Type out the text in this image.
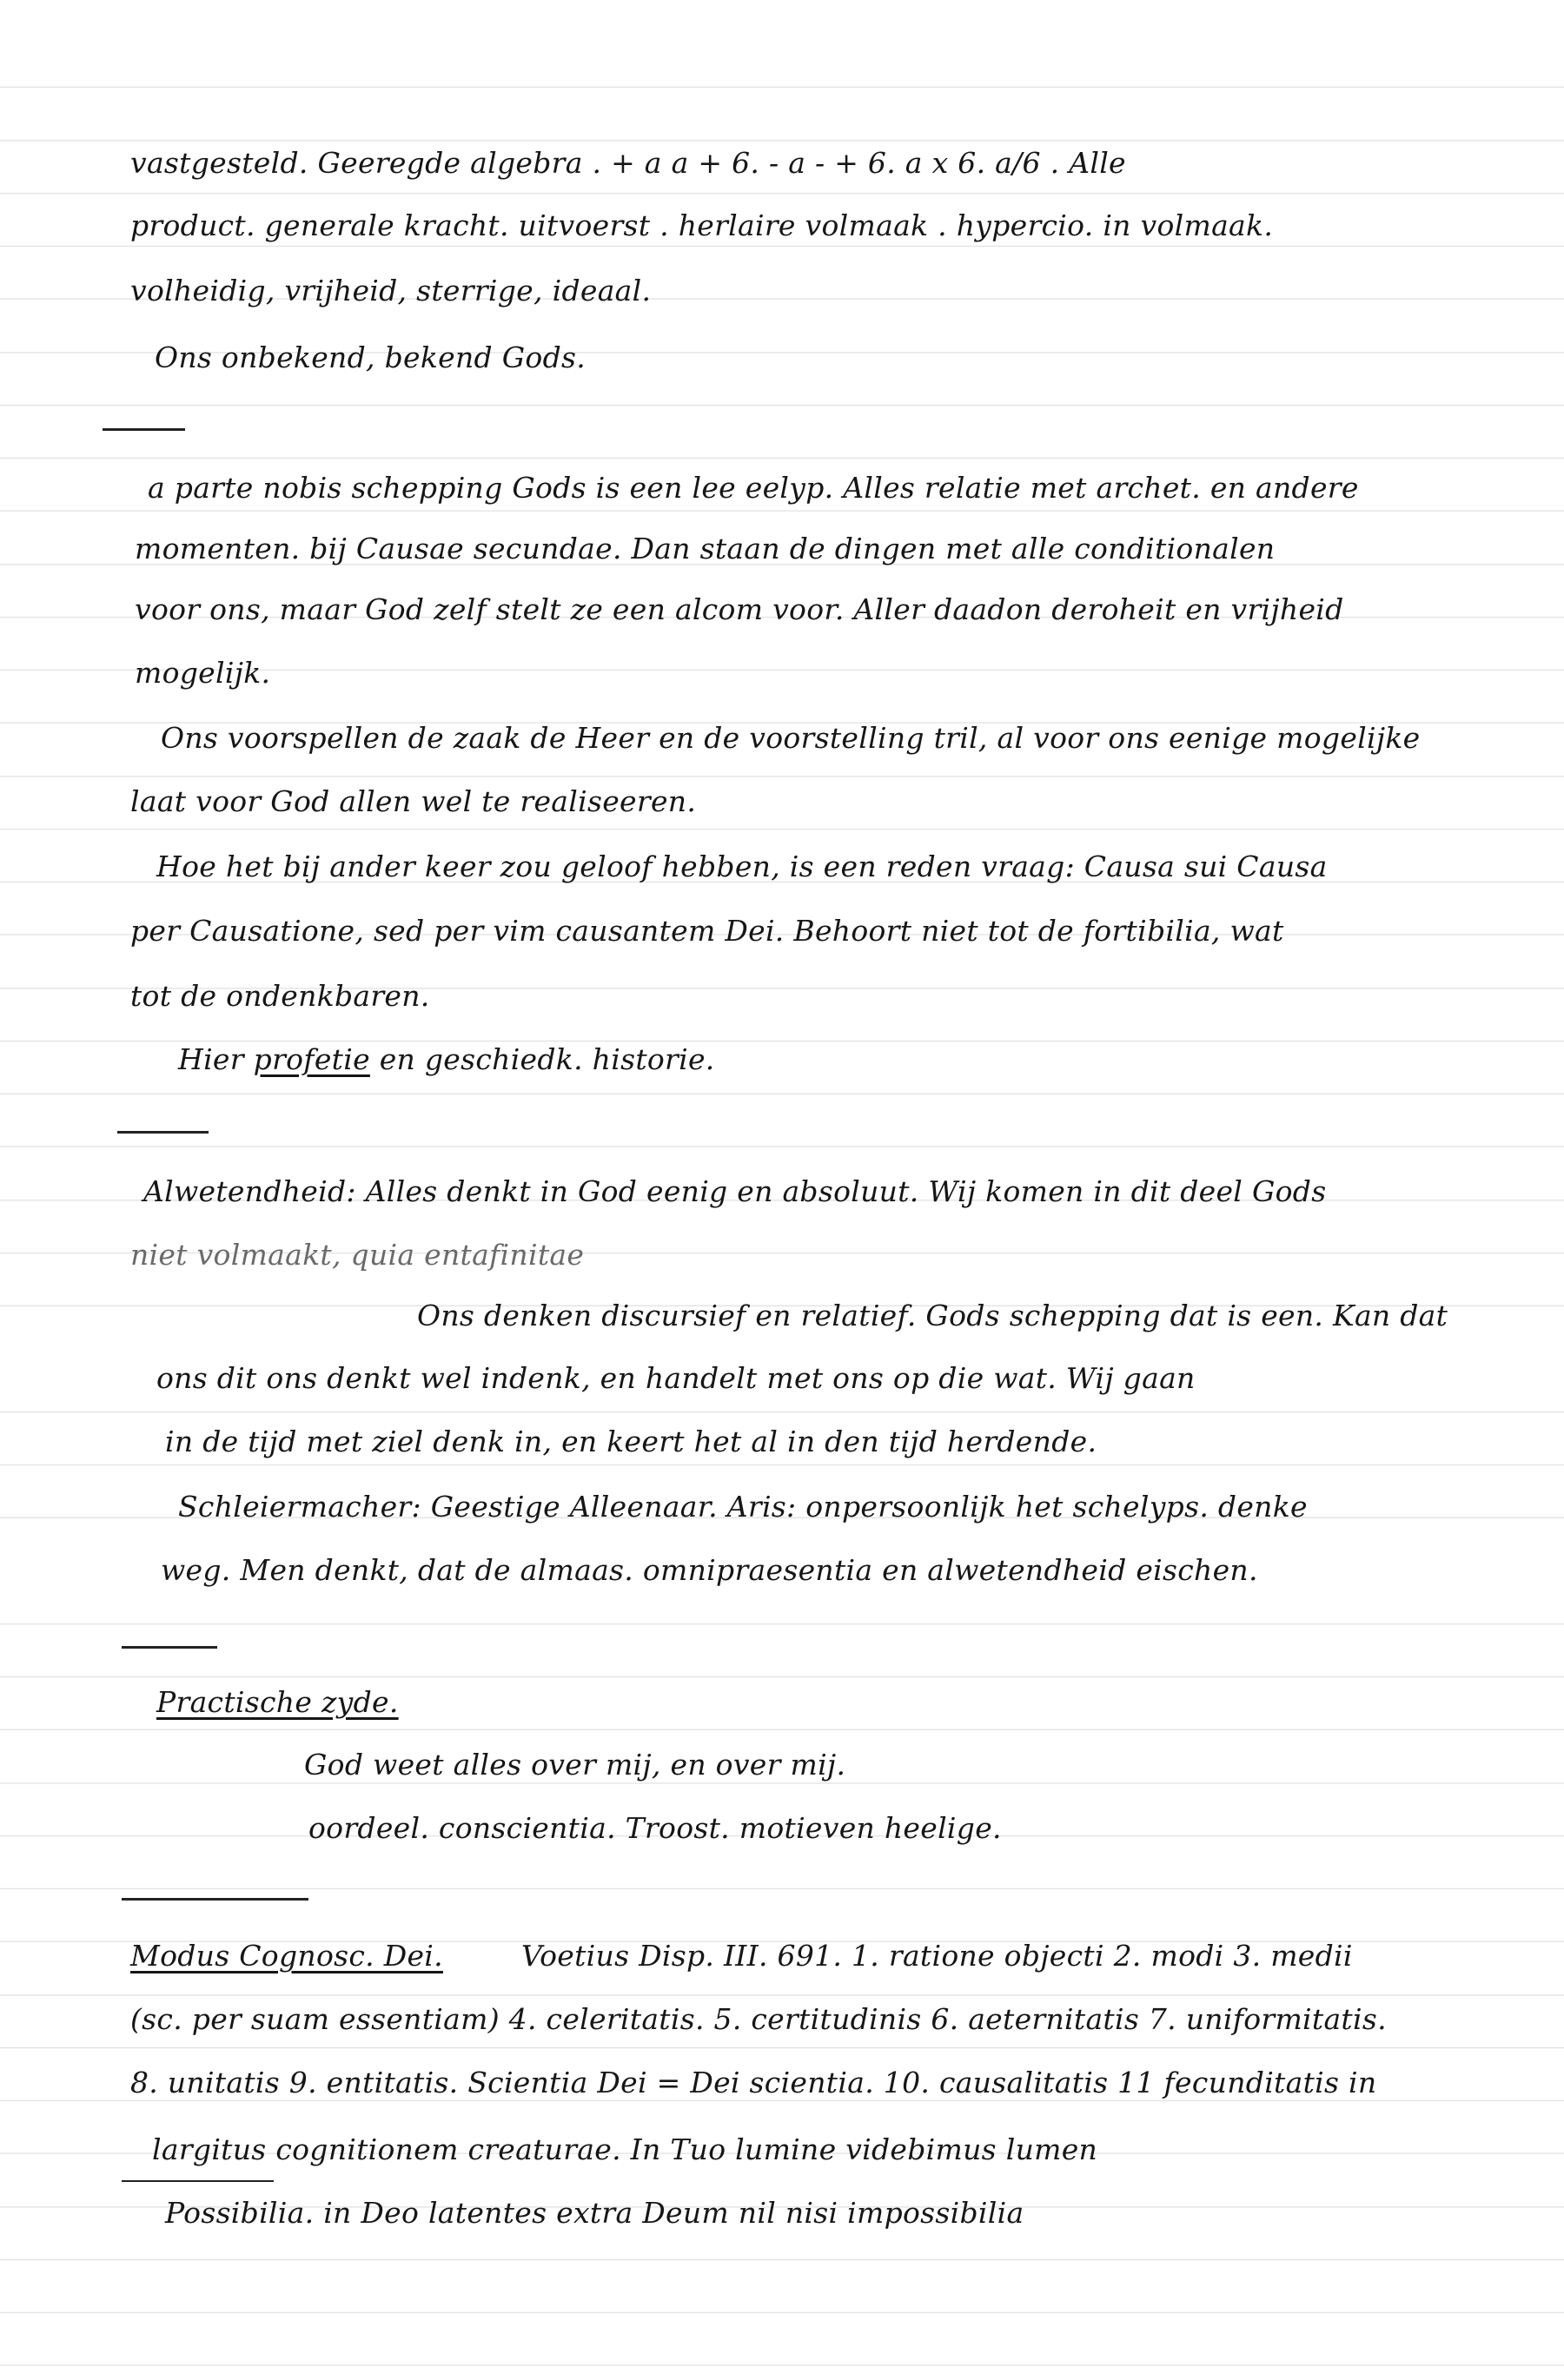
vastgesteld. Geeregde algebra . + a a + 6. - a - + 6. a x 6. a/6 . Alle
product. generale kracht. uitvoerst . herlaire volmaak . hypercio. in volmaak.
volheidig, vrijheid, sterrige, ideaal.
Ons onbekend, bekend Gods.
a parte nobis schepping Gods is een lee eelyp. Alles relatie met archet. en andere
momenten. bij Causae secundae. Dan staan de dingen met alle conditionalen
voor ons, maar God zelf stelt ze een alcom voor. Aller daadon deroheit en vrijheid
mogelijk.
Ons voorspellen de zaak de Heer en de voorstelling tril, al voor ons eenige mogelijke
laat voor God allen wel te realiseeren.
Hoe het bij ander keer zou geloof hebben, is een reden vraag: Causa sui Causa
per Causatione, sed per vim causantem Dei. Behoort niet tot de fortibilia, wat
tot de ondenkbaren.
Hier profetie en geschiedk. historie.
Alwetendheid: Alles denkt in God eenig en absoluut. Wij komen in dit deel Gods
niet volmaakt, quia entafinitae
Ons denken discursief en relatief. Gods schepping dat is een. Kan dat
ons dit ons denkt wel indenk, en handelt met ons op die wat. Wij gaan
in de tijd met ziel denk in, en keert het al in den tijd herdende.
Schleiermacher: Geestige Alleenaar. Aris: onpersoonlijk het schelyps. denke
weg. Men denkt, dat de almaas. omnipraesentia en alwetendheid eischen.
Practische zyde.
God weet alles over mij, en over mij.
oordeel. conscientia. Troost. motieven heelige.
Modus Cognosc. Dei.	Voetius Disp. III. 691. 1. ratione objecti 2. modi 3. medii
(sc. per suam essentiam) 4. celeritatis. 5. certitudinis 6. aeternitatis 7. uniformitatis.
8. unitatis 9. entitatis. Scientia Dei = Dei scientia. 10. causalitatis 11 fecunditatis in
largitus cognitionem creaturae. In Tuo lumine videbimus lumen
Possibilia. in Deo latentes extra Deum nil nisi impossibilia
